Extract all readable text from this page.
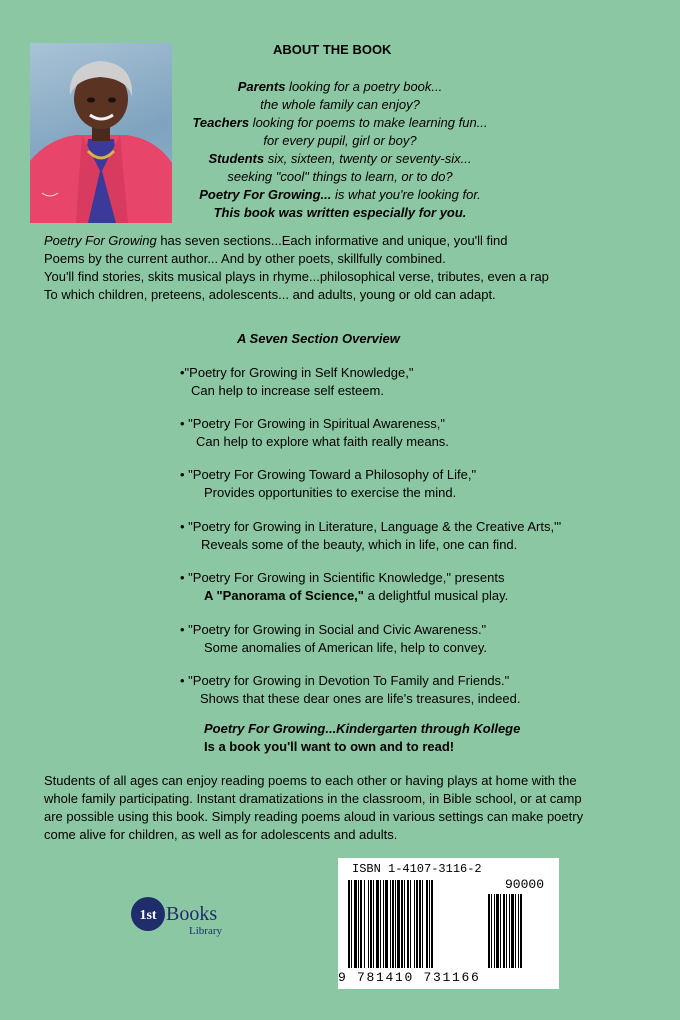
ABOUT THE BOOK
Parents looking for a poetry book...
the whole family can enjoy?
Teachers looking for poems to make learning fun...
for every pupil, girl or boy?
Students six, sixteen, twenty or seventy-six...
seeking "cool" things to learn, or to do?
Poetry For Growing... is what you're looking for.
This book was written especially for you.
Poetry For Growing has seven sections...Each informative and unique, you'll find
Poems by the current author... And by other poets, skillfully combined.
You'll find stories, skits musical plays in rhyme...philosophical verse, tributes, even a rap
To which children, preteens, adolescents... and adults, young or old can adapt.
A Seven Section Overview
•"Poetry for Growing in Self Knowledge,"
Can help to increase self esteem.
• "Poetry For Growing in Spiritual Awareness,"
Can help to explore what faith really means.
• "Poetry For Growing Toward a Philosophy of Life,"
Provides opportunities to exercise the mind.
• "Poetry for Growing in Literature, Language & the Creative Arts,"'
Reveals some of the beauty, which in life, one can find.
• "Poetry For Growing in Scientific Knowledge," presents
A "Panorama of Science," a delightful musical play.
• "Poetry for Growing in Social and Civic Awareness."
Some anomalies of American life, help to convey.
• "Poetry for Growing in Devotion To Family and Friends."
Shows that these dear ones are life's treasures, indeed.
Poetry For Growing...Kindergarten through Kollege
Is a book you'll want to own and to read!
Students of all ages can enjoy reading poems to each other or having plays at home with the
whole family participating. Instant dramatizations in the classroom, in Bible school, or at camp
are possible using this book. Simply reading poems aloud in various settings can make poetry
come alive for children, as well as for adolescents and adults.
1st Books
Library
ISBN 1-4107-3116-2
90000
9 781410 731166
